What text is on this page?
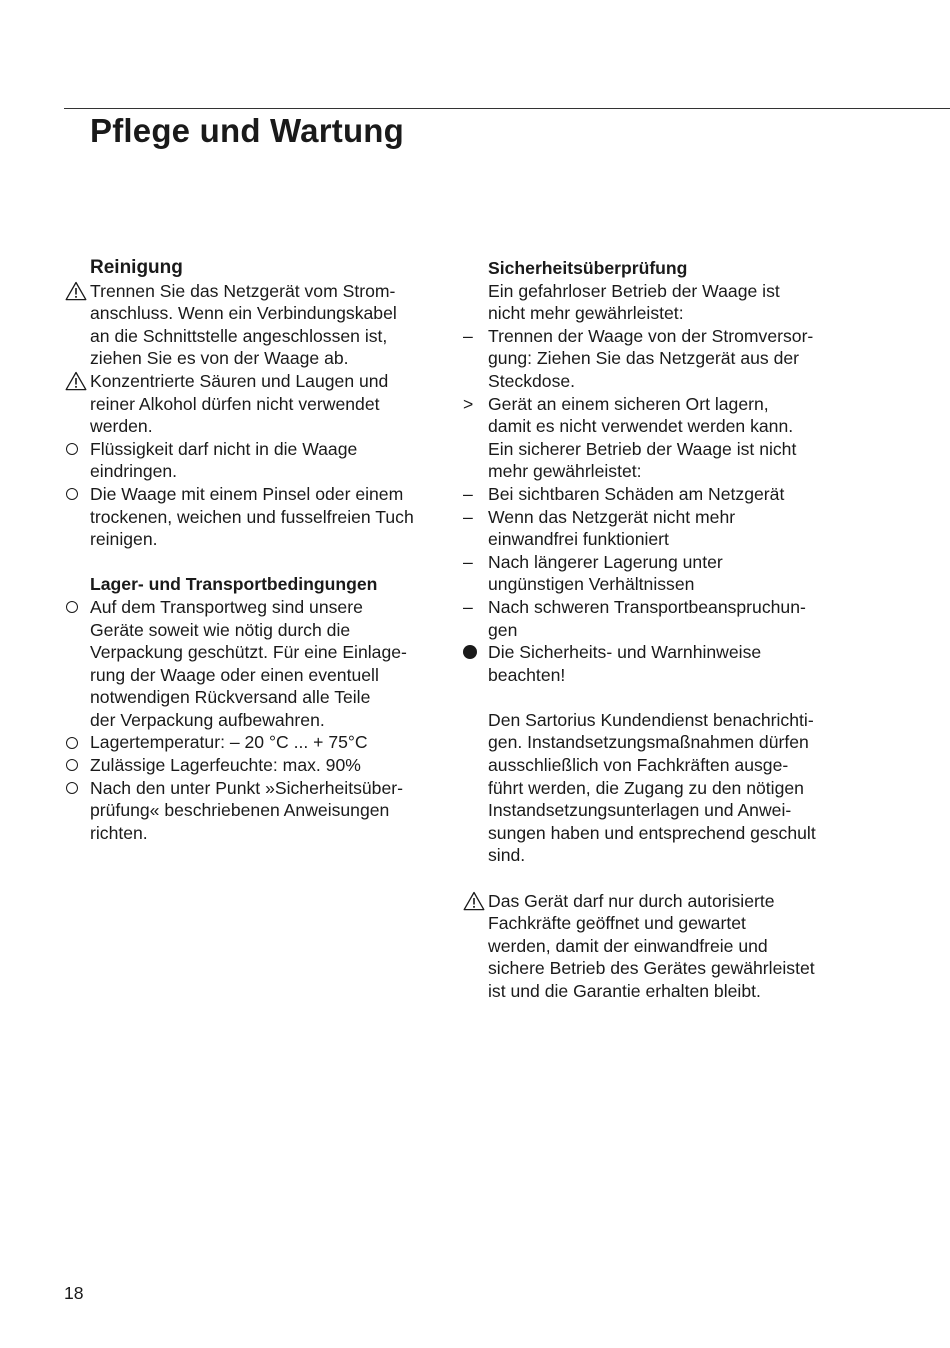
Pflege und Wartung
Reinigung
Trennen Sie das Netzgerät vom Strom-
anschluss. Wenn ein Verbindungskabel
an die Schnittstelle angeschlossen ist,
ziehen Sie es von der Waage ab.
Konzentrierte Säuren und Laugen und
reiner Alkohol dürfen nicht verwendet
werden.
Flüssigkeit darf nicht in die Waage
eindringen.
Die Waage mit einem Pinsel oder einem
trockenen, weichen und fusselfreien Tuch
reinigen.
Lager- und Transportbedingungen
Auf dem Transportweg sind unsere
Geräte soweit wie nötig durch die
Verpackung geschützt. Für eine Einlage-
rung der Waage oder einen eventuell
notwendigen Rückversand alle Teile
der Verpackung aufbewahren.
Lagertemperatur: – 20 °C ... + 75°C
Zulässige Lagerfeuchte: max. 90%
Nach den unter Punkt »Sicherheitsüber-
prüfung« beschriebenen Anweisungen
richten.
Sicherheitsüberprüfung
Ein gefahrloser Betrieb der Waage ist
nicht mehr gewährleistet:
– Trennen der Waage von der Stromversor-
gung: Ziehen Sie das Netzgerät aus der
Steckdose.
> Gerät an einem sicheren Ort lagern,
damit es nicht verwendet werden kann.
Ein sicherer Betrieb der Waage ist nicht
mehr gewährleistet:
– Bei sichtbaren Schäden am Netzgerät
– Wenn das Netzgerät nicht mehr
einwandfrei funktioniert
– Nach längerer Lagerung unter
ungünstigen Verhältnissen
– Nach schweren Transportbeanspruchun-
gen
Die Sicherheits- und Warnhinweise
beachten!
Den Sartorius Kundendienst benachrichti-
gen. Instandsetzungsmaßnahmen dürfen
ausschließlich von Fachkräften ausge-
führt werden, die Zugang zu den nötigen
Instandsetzungsunterlagen und Anwei-
sungen haben und entsprechend geschult
sind.
Das Gerät darf nur durch autorisierte
Fachkräfte geöffnet und gewartet
werden, damit der einwandfreie und
sichere Betrieb des Gerätes gewährleistet
ist und die Garantie erhalten bleibt.
18
